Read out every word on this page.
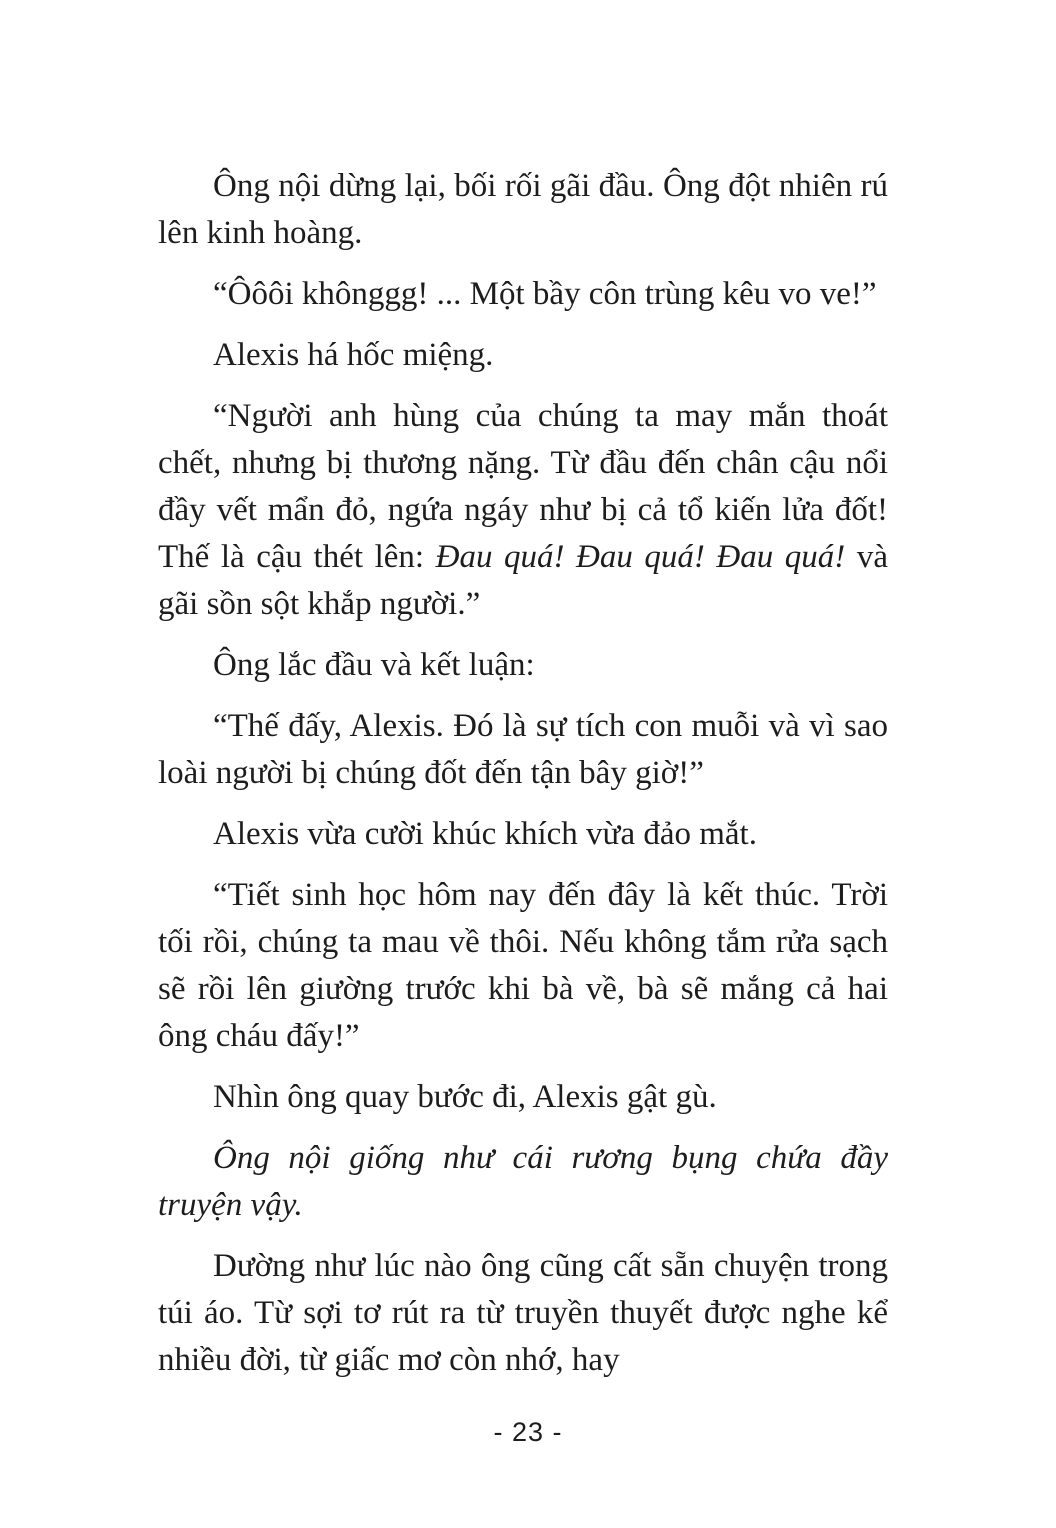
Ông nội dừng lại, bối rối gãi đầu. Ông đột nhiên rú lên kinh hoàng.

“Ôôôi khônggg! ... Một bầy côn trùng kêu vo ve!”

Alexis há hốc miệng.

“Người anh hùng của chúng ta may mắn thoát chết, nhưng bị thương nặng. Từ đầu đến chân cậu nổi đầy vết mẩn đỏ, ngứa ngáy như bị cả tổ kiến lửa đốt! Thế là cậu thét lên: Đau quá! Đau quá! Đau quá! và gãi sồn sột khắp người.”

Ông lắc đầu và kết luận:

“Thế đấy, Alexis. Đó là sự tích con muỗi và vì sao loài người bị chúng đốt đến tận bây giờ!”

Alexis vừa cười khúc khích vừa đảo mắt.

“Tiết sinh học hôm nay đến đây là kết thúc. Trời tối rồi, chúng ta mau về thôi. Nếu không tắm rửa sạch sẽ rồi lên giường trước khi bà về, bà sẽ mắng cả hai ông cháu đấy!”

Nhìn ông quay bước đi, Alexis gật gù.

Ông nội giống như cái rương bụng chứa đầy truyện vậy.

Dường như lúc nào ông cũng cất sẵn chuyện trong túi áo. Từ sợi tơ rút ra từ truyền thuyết được nghe kể nhiều đời, từ giấc mơ còn nhớ, hay

- 23 -
